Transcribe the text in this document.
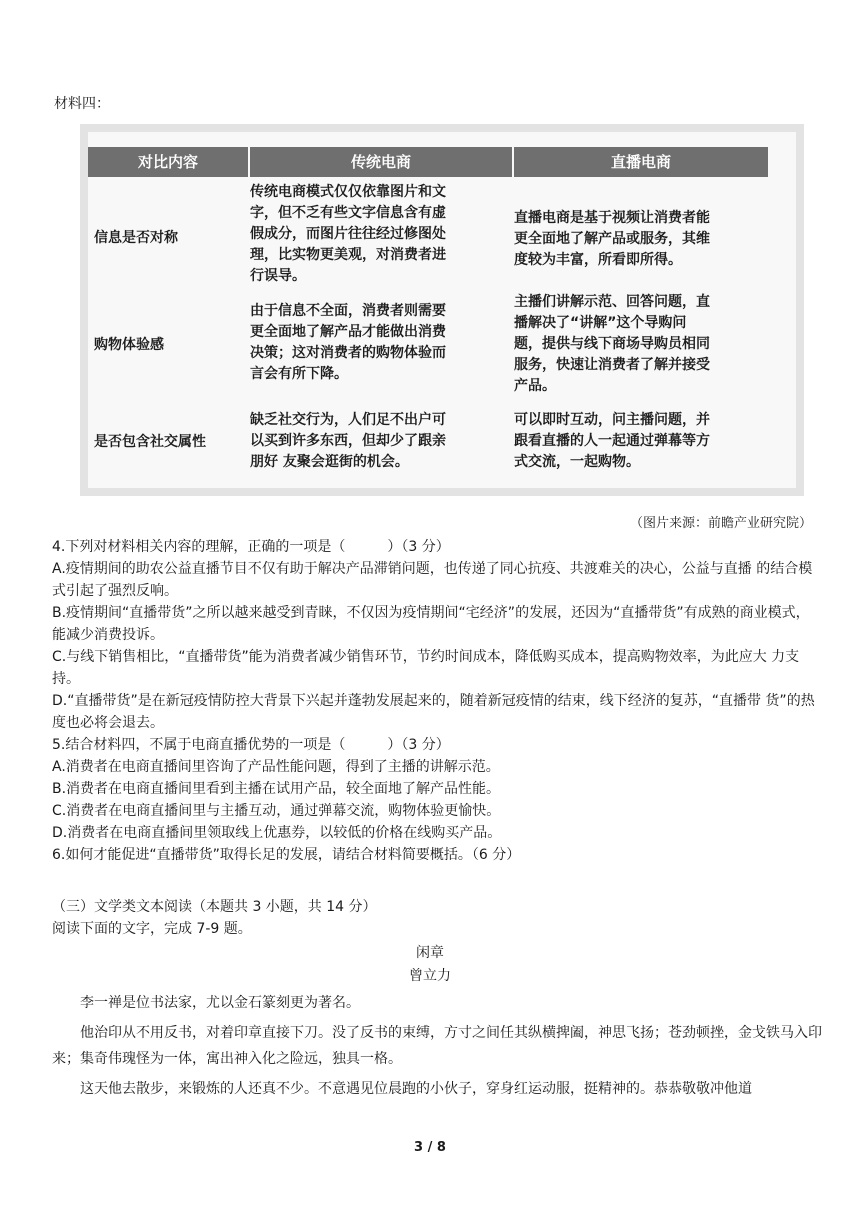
材料四：
对比内容	传统电商	直播电商
信息是否对称
传统电商模式仅仅依靠图片和文
字，但不乏有些文字信息含有虚
假成分，而图片往往经过修图处
理，比实物更美观，对消费者进
行误导。
直播电商是基于视频让消费者能
更全面地了解产品或服务，其维
度较为丰富，所看即所得。
购物体验感
由于信息不全面，消费者则需要
更全面地了解产品才能做出消费
决策；这对消费者的购物体验而
言会有所下降。
主播们讲解示范、回答问题，直
播解决了“讲解”这个导购问
题，提供与线下商场导购员相同
服务，快速让消费者了解并接受
产品。
是否包含社交属性
缺乏社交行为，人们足不出户可
以买到许多东西，但却少了跟亲
朋好 友聚会逛街的机会。
可以即时互动，问主播问题，并
跟看直播的人一起通过弹幕等方
式交流，一起购物。
（图片来源：前瞻产业研究院）
4.下列对材料相关内容的理解，正确的一项是（　　　）（3 分）
A.疫情期间的助农公益直播节目不仅有助于解决产品滞销问题，也传递了同心抗疫、共渡难关的决心，公益与直播 的结合模式引起了强烈反响。
B.疫情期间“直播带货”之所以越来越受到青睐，不仅因为疫情期间“宅经济”的发展，还因为“直播带货”有成熟的商业模式，能减少消费投诉。
C.与线下销售相比，“直播带货”能为消费者减少销售环节，节约时间成本，降低购买成本，提高购物效率，为此应大 力支持。
D.“直播带货”是在新冠疫情防控大背景下兴起并蓬勃发展起来的，随着新冠疫情的结束，线下经济的复苏，“直播带 货”的热度也必将会退去。
5.结合材料四，不属于电商直播优势的一项是（　　　）（3 分）
A.消费者在电商直播间里咨询了产品性能问题，得到了主播的讲解示范。
B.消费者在电商直播间里看到主播在试用产品，较全面地了解产品性能。
C.消费者在电商直播间里与主播互动，通过弹幕交流，购物体验更愉快。
D.消费者在电商直播间里领取线上优惠券，以较低的价格在线购买产品。
6.如何才能促进“直播带货”取得长足的发展，请结合材料简要概括。（6 分）
（三）文学类文本阅读（本题共 3 小题，共 14 分）
阅读下面的文字，完成 7-9 题。
闲章
曾立力
李一禅是位书法家，尤以金石篆刻更为著名。
他治印从不用反书，对着印章直接下刀。没了反书的束缚，方寸之间任其纵横捭阖，神思飞扬；苍劲顿挫，金戈铁马入印来；集奇伟瑰怪为一体，寓出神入化之险远，独具一格。
这天他去散步，来锻炼的人还真不少。不意遇见位晨跑的小伙子，穿身红运动服，挺精神的。恭恭敬敬冲他道
3 / 8
